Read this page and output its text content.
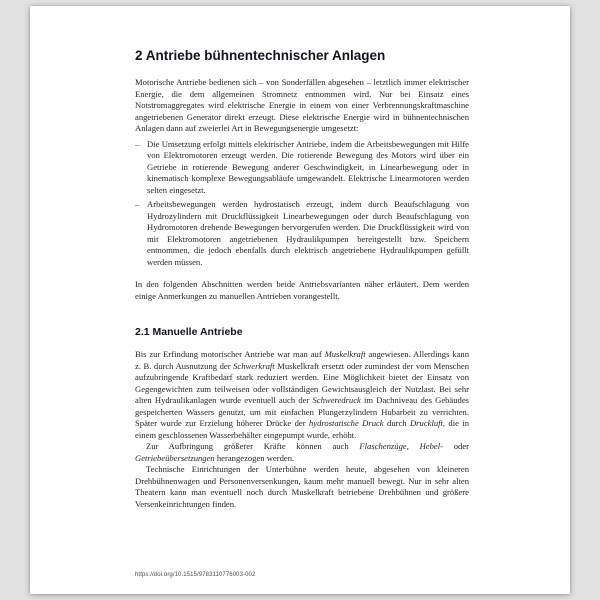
2 Antriebe bühnentechnischer Anlagen

Motorische Antriebe bedienen sich – von Sonderfällen abgesehen – letztlich immer elektrischer Energie, die dem allgemeinen Stromnetz entnommen wird. Nur bei Einsatz eines Notstromaggregates wird elektrische Energie in einem von einer Verbrennungskraftmaschine angetriebenen Generator direkt erzeugt. Diese elektrische Energie wird in bühnentechnischen Anlagen dann auf zweierlei Art in Bewegungsenergie umgesetzt:

– Die Umsetzung erfolgt mittels elektrischer Antriebe, indem die Arbeitsbewegungen mit Hilfe von Elektromotoren erzeugt werden. Die rotierende Bewegung des Motors wird über ein Getriebe in rotierende Bewegung anderer Geschwindigkeit, in Linearbewegung oder in kinematisch komplexe Bewegungsabläufe umgewandelt. Elektrische Linearmotoren werden selten eingesetzt.
– Arbeitsbewegungen werden hydrostatisch erzeugt, indem durch Beaufschlagung von Hydrozylindern mit Druckflüssigkeit Linearbewegungen oder durch Beaufschlagung von Hydromotoren drehende Bewegungen hervorgerufen werden. Die Druckflüssigkeit wird von mit Elektromotoren angetriebenen Hydraulikpumpen bereitgestellt bzw. Speichern entnommen, die jedoch ebenfalls durch elektrisch angetriebene Hydraulikpumpen gefüllt werden müssen.

In den folgenden Abschnitten werden beide Antriebsvarianten näher erläutert. Dem werden einige Anmerkungen zu manuellen Antrieben vorangestellt.

2.1 Manuelle Antriebe

Bis zur Erfindung motorischer Antriebe war man auf Muskelkraft angewiesen. Allerdings kann z. B. durch Ausnutzung der Schwerkraft Muskelkraft ersetzt oder zumindest der vom Menschen aufzubringende Kraftbedarf stark reduziert werden. Eine Möglichkeit bietet der Einsatz von Gegengewichten zum teilweisen oder vollständigen Gewichtsausgleich der Nutzlast. Bei sehr alten Hydraulikanlagen wurde eventuell auch der Schweredruck im Dachniveau des Gebäudes gespeicherten Wassers genutzt, um mit einfachen Plungerzylindern Hubarbeit zu verrichten. Später wurde zur Erzielung höherer Drücke der hydrostatische Druck durch Druckluft, die in einem geschlossenen Wasserbehälter eingepumpt wurde, erhöht.

Zur Aufbringung größerer Kräfte können auch Flaschenzüge, Hebel- oder Getriebeübersetzungen herangezogen werden.

Technische Einrichtungen der Unterbühne werden heute, abgesehen von kleineren Drehbühnenwagen und Personenversenkungen, kaum mehr manuell bewegt. Nur in sehr alten Theatern kann man eventuell noch durch Muskelkraft betriebene Drehbühnen und größere Versenkeinrichtungen finden.

https://doi.org/10.1515/9783110776003-002
